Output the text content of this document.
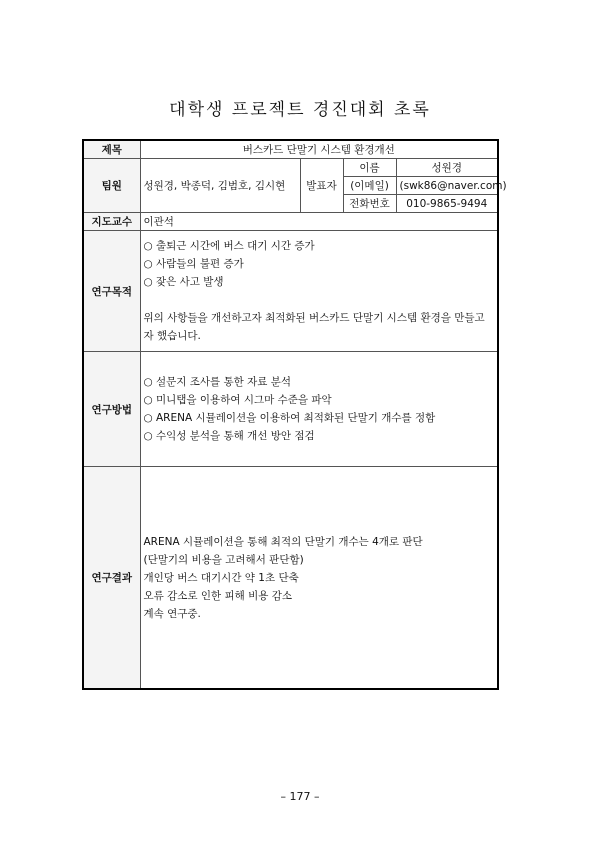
대학생 프로젝트 경진대회 초록
제목	버스카드 단말기 시스템 환경개선			
팀원	성원경, 박종덕, 김범호, 김시현	발표자	이름	성원경
			(이메일)	(swk86@naver.com)
			전화번호	010-9865-9494
지도교수	이관석			
연구목적	○ 출퇴근 시간에 버스 대기 시간 증가

○ 사람들의 불편 증가

○ 잦은 사고 발생

위의 사항들을 개선하고자 최적화된 버스카드 단말기 시스템 환경을 만들고자 했습니다.			

연구방법	○ 설문지 조사를 통한 자료 분석

○ 미니탭을 이용하여 시그마 수준을 파악

○ ARENA 시뮬레이션을 이용하여 최적화된 단말기 개수를 정함

○ 수익성 분석을 통해 개선 방안 점검			

연구결과	ARENA 시뮬레이션을 통해 최적의 단말기 개수는 4개로 판단

(단말기의 비용을 고려해서 판단함)

개인당 버스 대기시간 약 1초 단축

오류 감소로 인한 피해 비용 감소

계속 연구중.			

– 177 –
